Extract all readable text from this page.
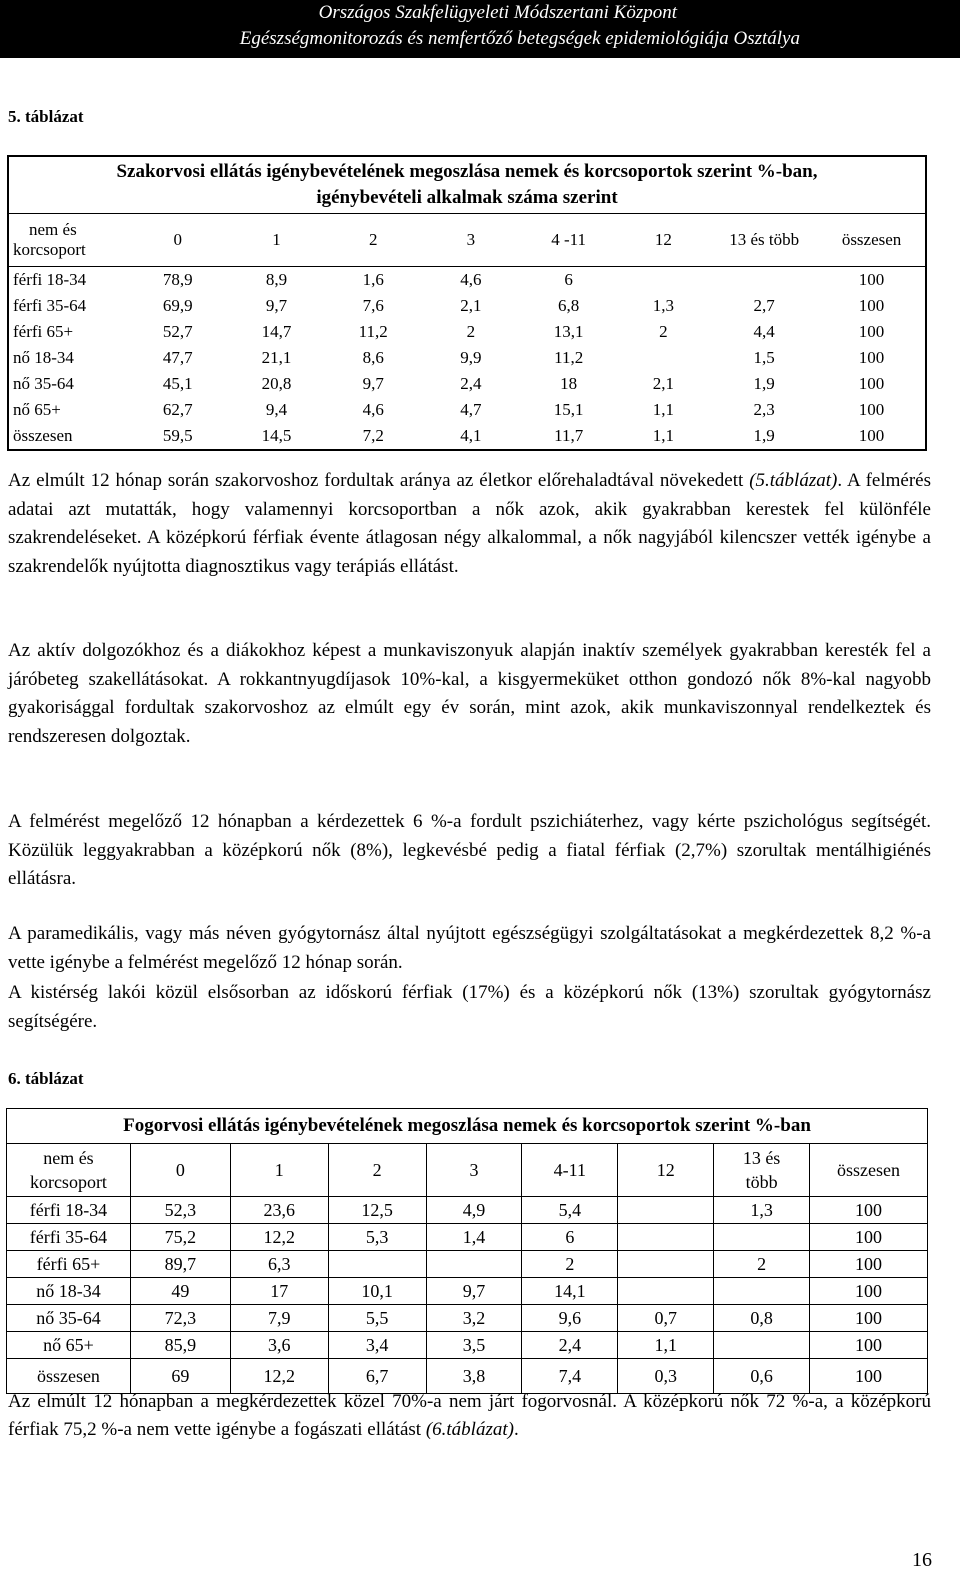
Országos Szakfelügyeleti Módszertani Központ
Egészségmonitorozás és nemfertőző betegségek epidemiológiája Osztálya
5. táblázat
Szakorvosi ellátás igénybevételének megoszlása nemek és korcsoportok szerint %-ban,
igénybevételi alkalmak száma szerint								

nem és
korcsoport	0	1	2	3	4 -11	12	13 és több	összesen
férfi 18-34	78,9	8,9	1,6	4,6	6			100
férfi 35-64	69,9	9,7	7,6	2,1	6,8	1,3	2,7	100
férfi 65+	52,7	14,7	11,2	2	13,1	2	4,4	100
nő 18-34	47,7	21,1	8,6	9,9	11,2		1,5	100
nő 35-64	45,1	20,8	9,7	2,4	18	2,1	1,9	100
nő 65+	62,7	9,4	4,6	4,7	15,1	1,1	2,3	100
összesen	59,5	14,5	7,2	4,1	11,7	1,1	1,9	100

Az elmúlt 12 hónap során szakorvoshoz fordultak aránya az életkor előrehaladtával növekedett (5.táblázat). A felmérés adatai azt mutatták, hogy valamennyi korcsoportban a nők azok, akik gyakrabban kerestek fel különféle szakrendeléseket. A középkorú férfiak évente átlagosan négy alkalommal, a nők nagyjából kilencszer vették igénybe a szakrendelők nyújtotta diagnosztikus vagy terápiás ellátást.

Az aktív dolgozókhoz és a diákokhoz képest a munkaviszonyuk alapján inaktív személyek gyakrabban keresték fel a járóbeteg szakellátásokat. A rokkantnyugdíjasok 10%-kal, a kisgyermeküket otthon gondozó nők 8%-kal nagyobb gyakorisággal fordultak szakorvoshoz az elmúlt egy év során, mint azok, akik munkaviszonnyal rendelkeztek és rendszeresen dolgoztak.

A felmérést megelőző 12 hónapban a kérdezettek 6 %-a fordult pszichiáterhez, vagy kérte pszichológus segítségét. Közülük leggyakrabban a középkorú nők (8%), legkevésbé pedig a fiatal férfiak (2,7%) szorultak mentálhigiénés ellátásra.

A paramedikális, vagy más néven gyógytornász által nyújtott egészségügyi szolgáltatásokat a megkérdezettek 8,2 %-a vette igénybe a felmérést megelőző 12 hónap során.

A kistérség lakói közül elsősorban az időskorú férfiak (17%) és a középkorú nők (13%) szorultak gyógytornász segítségére.

6. táblázat
Fogorvosi ellátás igénybevételének megoszlása nemek és korcsoportok szerint %-ban								
nem és
korcsoport	0	1	2	3	4-11	12	13 és
több	összesen
férfi 18-34	52,3	23,6	12,5	4,9	5,4		1,3	100
férfi 35-64	75,2	12,2	5,3	1,4	6			100
férfi 65+	89,7	6,3			2		2	100
nő 18-34	49	17	10,1	9,7	14,1			100
nő 35-64	72,3	7,9	5,5	3,2	9,6	0,7	0,8	100
nő 65+	85,9	3,6	3,4	3,5	2,4	1,1		100
összesen	69	12,2	6,7	3,8	7,4	0,3	0,6	100

Az elmúlt 12 hónapban a megkérdezettek közel 70%-a nem járt fogorvosnál. A középkorú nők 72 %-a, a középkorú férfiak 75,2 %-a nem vette igénybe a fogászati ellátást (6.táblázat).

16
